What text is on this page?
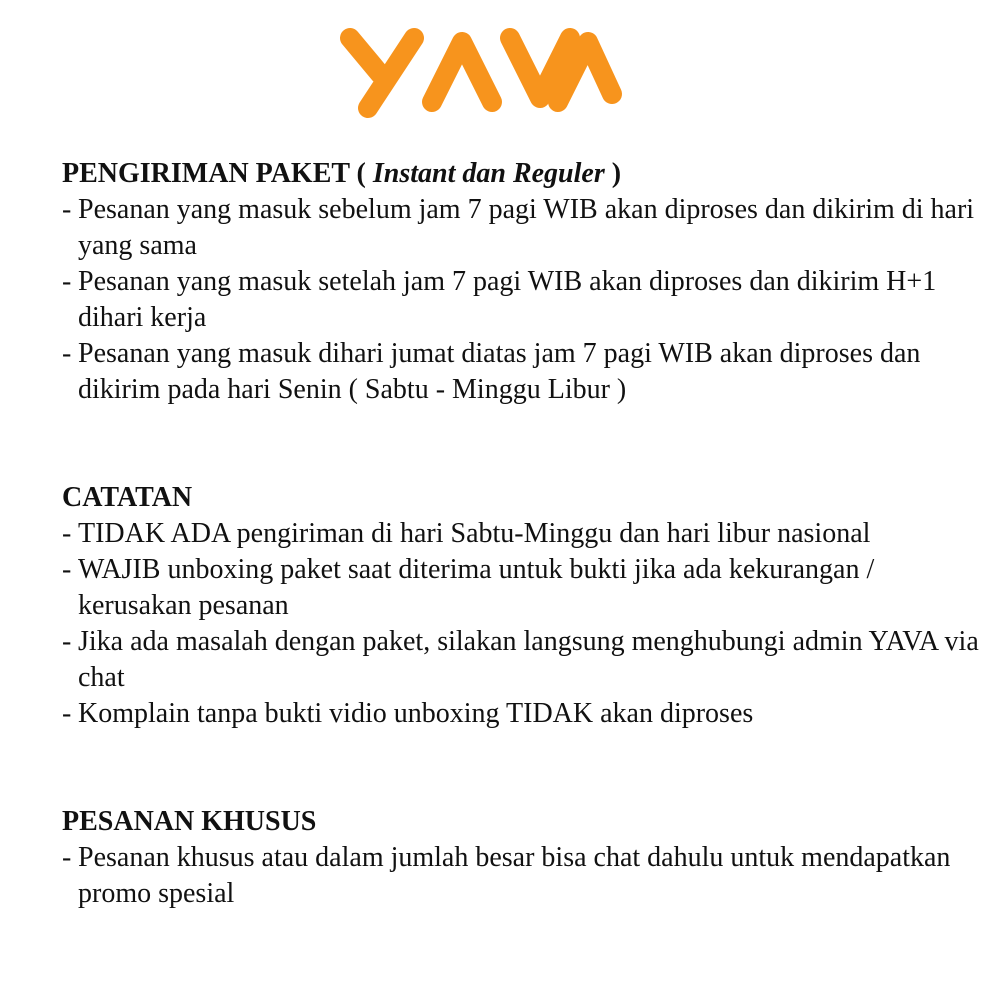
PENGIRIMAN PAKET ( Instant dan Reguler )

- Pesanan yang masuk sebelum jam 7 pagi WIB akan diproses dan dikirim di hari yang sama

- Pesanan yang masuk setelah jam 7 pagi WIB akan diproses dan dikirim H+1 dihari kerja

- Pesanan yang masuk dihari jumat diatas jam 7 pagi WIB akan diproses dan dikirim pada hari Senin ( Sabtu - Minggu Libur )

CATATAN

- TIDAK ADA pengiriman di hari Sabtu-Minggu dan hari libur nasional

- WAJIB unboxing paket saat diterima untuk bukti jika ada kekurangan / kerusakan pesanan

- Jika ada masalah dengan paket, silakan langsung menghubungi admin YAVA via chat

- Komplain tanpa bukti vidio unboxing TIDAK akan diproses

PESANAN KHUSUS

- Pesanan khusus atau dalam jumlah besar bisa chat dahulu untuk mendapatkan promo spesial
